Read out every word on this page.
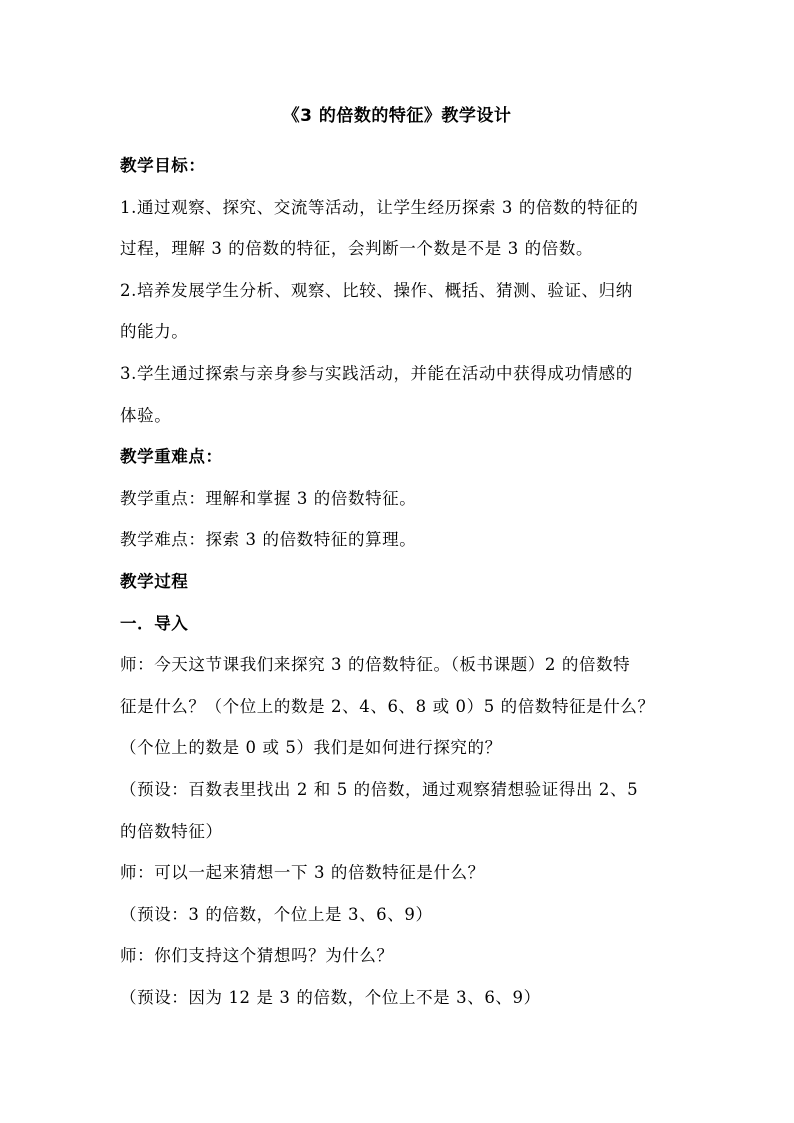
《3 的倍数的特征》教学设计
教学目标：
1.通过观察、探究、交流等活动，让学生经历探索 3 的倍数的特征的
过程，理解 3 的倍数的特征，会判断一个数是不是 3 的倍数。
2.培养发展学生分析、观察、比较、操作、概括、猜测、验证、归纳
的能力。
3.学生通过探索与亲身参与实践活动，并能在活动中获得成功情感的
体验。
教学重难点：
教学重点：理解和掌握 3 的倍数特征。
教学难点：探索 3 的倍数特征的算理。
教学过程
一．导入
师：今天这节课我们来探究 3 的倍数特征。（板书课题）2 的倍数特
征是什么？（个位上的数是 2、4、6、8 或 0）5 的倍数特征是什么？
（个位上的数是 0 或 5）我们是如何进行探究的？
（预设：百数表里找出 2 和 5 的倍数，通过观察猜想验证得出 2、5
的倍数特征）
师：可以一起来猜想一下 3 的倍数特征是什么？
（预设：3 的倍数，个位上是 3、6、9）
师：你们支持这个猜想吗？为什么？
（预设：因为 12 是 3 的倍数，个位上不是 3、6、9）
